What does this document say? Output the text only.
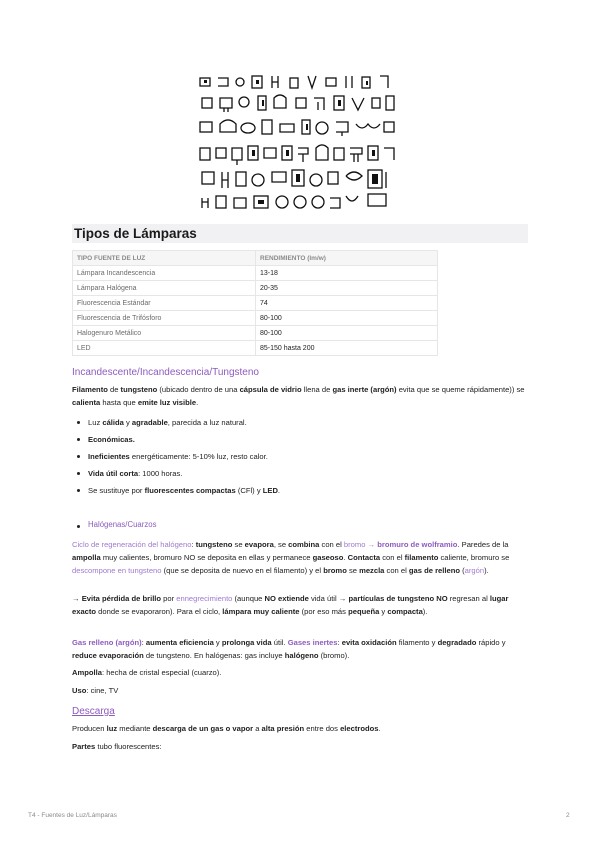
Tipos de Lámparas
TIPO FUENTE DE LUZ	RENDIMIENTO (lm/w)
Lámpara Incandescencia	13-18
Lámpara Halógena	20-35
Fluorescencia Estándar	74
Fluorescencia de Trifósforo	80-100
Halogenuro Metálico	80-100
LED	85-150 hasta 200
Incandescente/Incandescencia/Tungsteno
Filamento de tungsteno (ubicado dentro de una cápsula de vidrio llena de gas inerte (argón) evita que se queme rápidamente)) se calienta hasta que emite luz visible.
Luz cálida y agradable, parecida a luz natural.
Económicas.
Ineficientes energéticamente: 5-10% luz, resto calor.
Vida útil corta: 1000 horas.
Se sustituye por fluorescentes compactas (CFl) y LED.
Halógenas/Cuarzos
Ciclo de regeneración del halógeno: tungsteno se evapora, se combina con el bromo → bromuro de wolframio. Paredes de la ampolla muy calientes, bromuro NO se deposita en ellas y permanece gaseoso. Contacta con el filamento caliente, bromuro se descompone en tungsteno (que se deposita de nuevo en el filamento) y el bromo se mezcla con el gas de relleno (argón).
→ Evita pérdida de brillo por ennegrecimiento (aunque NO extiende vida útil → partículas de tungsteno NO regresan al lugar exacto donde se evaporaron). Para el ciclo, lámpara muy caliente (por eso más pequeña y compacta).
Gas relleno (argón): aumenta eficiencia y prolonga vida útil. Gases inertes: evita oxidación filamento y degradado rápido y reduce evaporación de tungsteno. En halógenas: gas incluye halógeno (bromo).
Ampolla: hecha de cristal especial (cuarzo).
Uso: cine, TV
Descarga
Producen luz mediante descarga de un gas o vapor a alta presión entre dos electrodos.
Partes tubo fluorescentes:
T4 - Fuentes de Luz/Lámparas	2
